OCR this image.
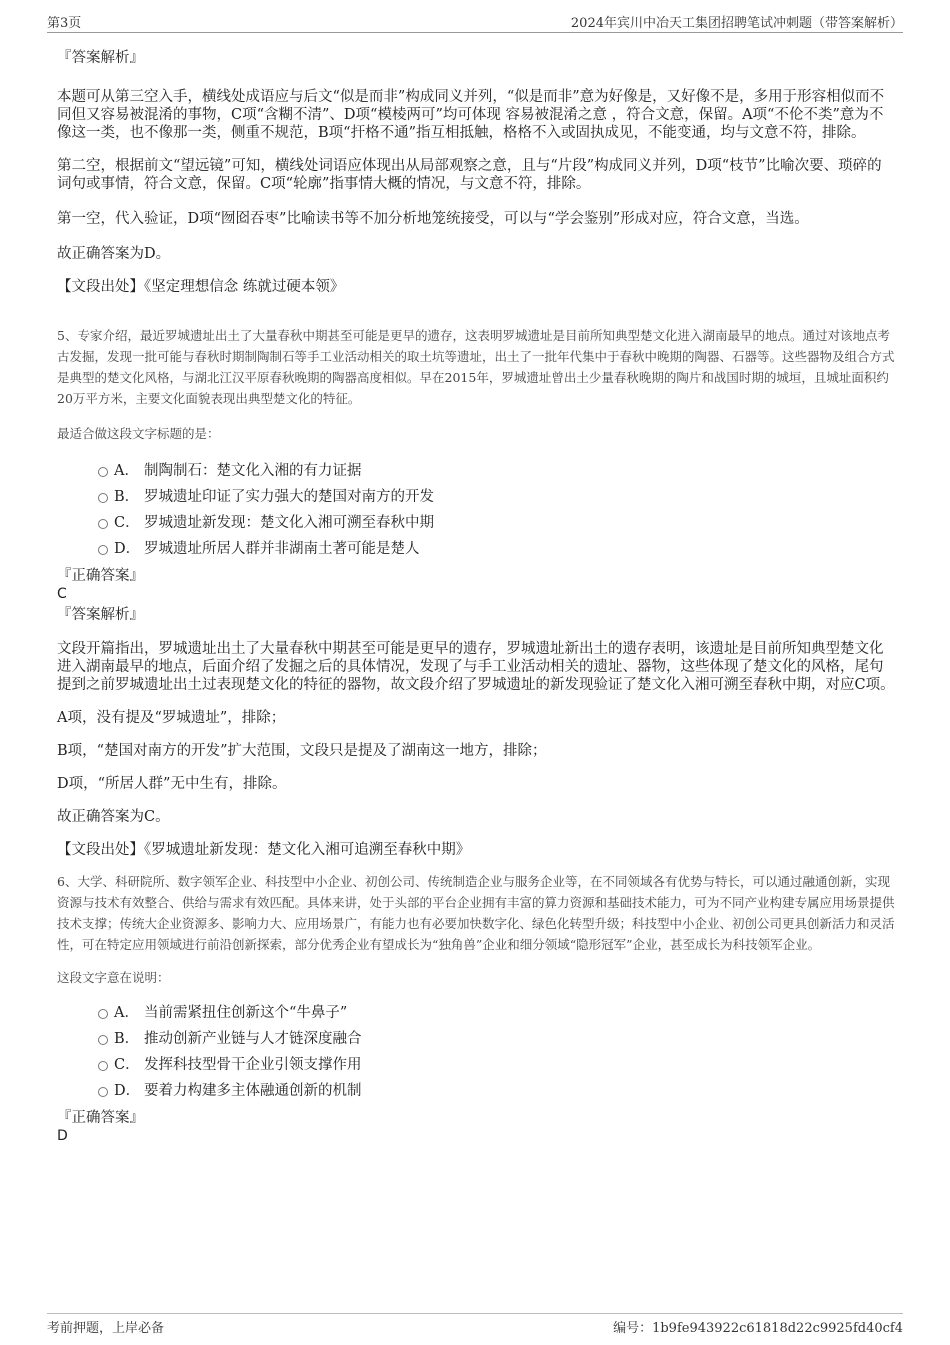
第3页	2024年宾川中冶天工集团招聘笔试冲刺题（带答案解析）

『答案解析』

本题可从第三空入手，横线处成语应与后文“似是而非”构成同义并列，“似是而非”意为好像是，又好像不是，多用于形容相似而不同但又容易被混淆的事物，C项“含糊不清”、D项“模棱两可”均可体现 容易被混淆之意 ，符合文意，保留。A项“不伦不类”意为不像这一类，也不像那一类，侧重不规范，B项“扞格不通”指互相抵触，格格不入或固执成见，不能变通，均与文意不符，排除。

第二空，根据前文“望远镜”可知，横线处词语应体现出从局部观察之意，且与“片段”构成同义并列，D项“枝节”比喻次要、琐碎的词句或事情，符合文意，保留。C项“轮廓”指事情大概的情况，与文意不符，排除。

第一空，代入验证，D项“囫囵吞枣”比喻读书等不加分析地笼统接受，可以与“学会鉴别”形成对应，符合文意，当选。

故正确答案为D。

【文段出处】《坚定理想信念 练就过硬本领》

5、专家介绍，最近罗城遗址出土了大量春秋中期甚至可能是更早的遗存，这表明罗城遗址是目前所知典型楚文化进入湖南最早的地点。通过对该地点考古发掘，发现一批可能与春秋时期制陶制石等手工业活动相关的取土坑等遗址，出土了一批年代集中于春秋中晚期的陶器、石器等。这些器物及组合方式是典型的楚文化风格，与湖北江汉平原春秋晚期的陶器高度相似。早在2015年，罗城遗址曾出土少量春秋晚期的陶片和战国时期的城垣，且城址面积约20万平方米，主要文化面貌表现出典型楚文化的特征。

最适合做这段文字标题的是：

A． 制陶制石：楚文化入湘的有力证据
B． 罗城遗址印证了实力强大的楚国对南方的开发
C． 罗城遗址新发现：楚文化入湘可溯至春秋中期
D． 罗城遗址所居人群并非湖南土著可能是楚人

『正确答案』

C

『答案解析』

文段开篇指出，罗城遗址出土了大量春秋中期甚至可能是更早的遗存，罗城遗址新出土的遗存表明，该遗址是目前所知典型楚文化进入湖南最早的地点，后面介绍了发掘之后的具体情况，发现了与手工业活动相关的遗址、器物，这些体现了楚文化的风格，尾句提到之前罗城遗址出土过表现楚文化的特征的器物，故文段介绍了罗城遗址的新发现验证了楚文化入湘可溯至春秋中期，对应C项。

A项，没有提及“罗城遗址”，排除；

B项，“楚国对南方的开发”扩大范围，文段只是提及了湖南这一地方，排除；

D项，“所居人群”无中生有，排除。

故正确答案为C。

【文段出处】《罗城遗址新发现：楚文化入湘可追溯至春秋中期》

6、大学、科研院所、数字领军企业、科技型中小企业、初创公司、传统制造企业与服务企业等，在不同领域各有优势与特长，可以通过融通创新，实现资源与技术有效整合、供给与需求有效匹配。具体来讲，处于头部的平台企业拥有丰富的算力资源和基础技术能力，可为不同产业构建专属应用场景提供技术支撑；传统大企业资源多、影响力大、应用场景广，有能力也有必要加快数字化、绿色化转型升级；科技型中小企业、初创公司更具创新活力和灵活性，可在特定应用领域进行前沿创新探索，部分优秀企业有望成长为“独角兽”企业和细分领域“隐形冠军”企业，甚至成长为科技领军企业。

这段文字意在说明：

A． 当前需紧扭住创新这个“牛鼻子”
B． 推动创新产业链与人才链深度融合
C． 发挥科技型骨干企业引领支撑作用
D． 要着力构建多主体融通创新的机制

『正确答案』

D

考前押题，上岸必备	编号：1b9fe943922c61818d22c9925fd40cf4
